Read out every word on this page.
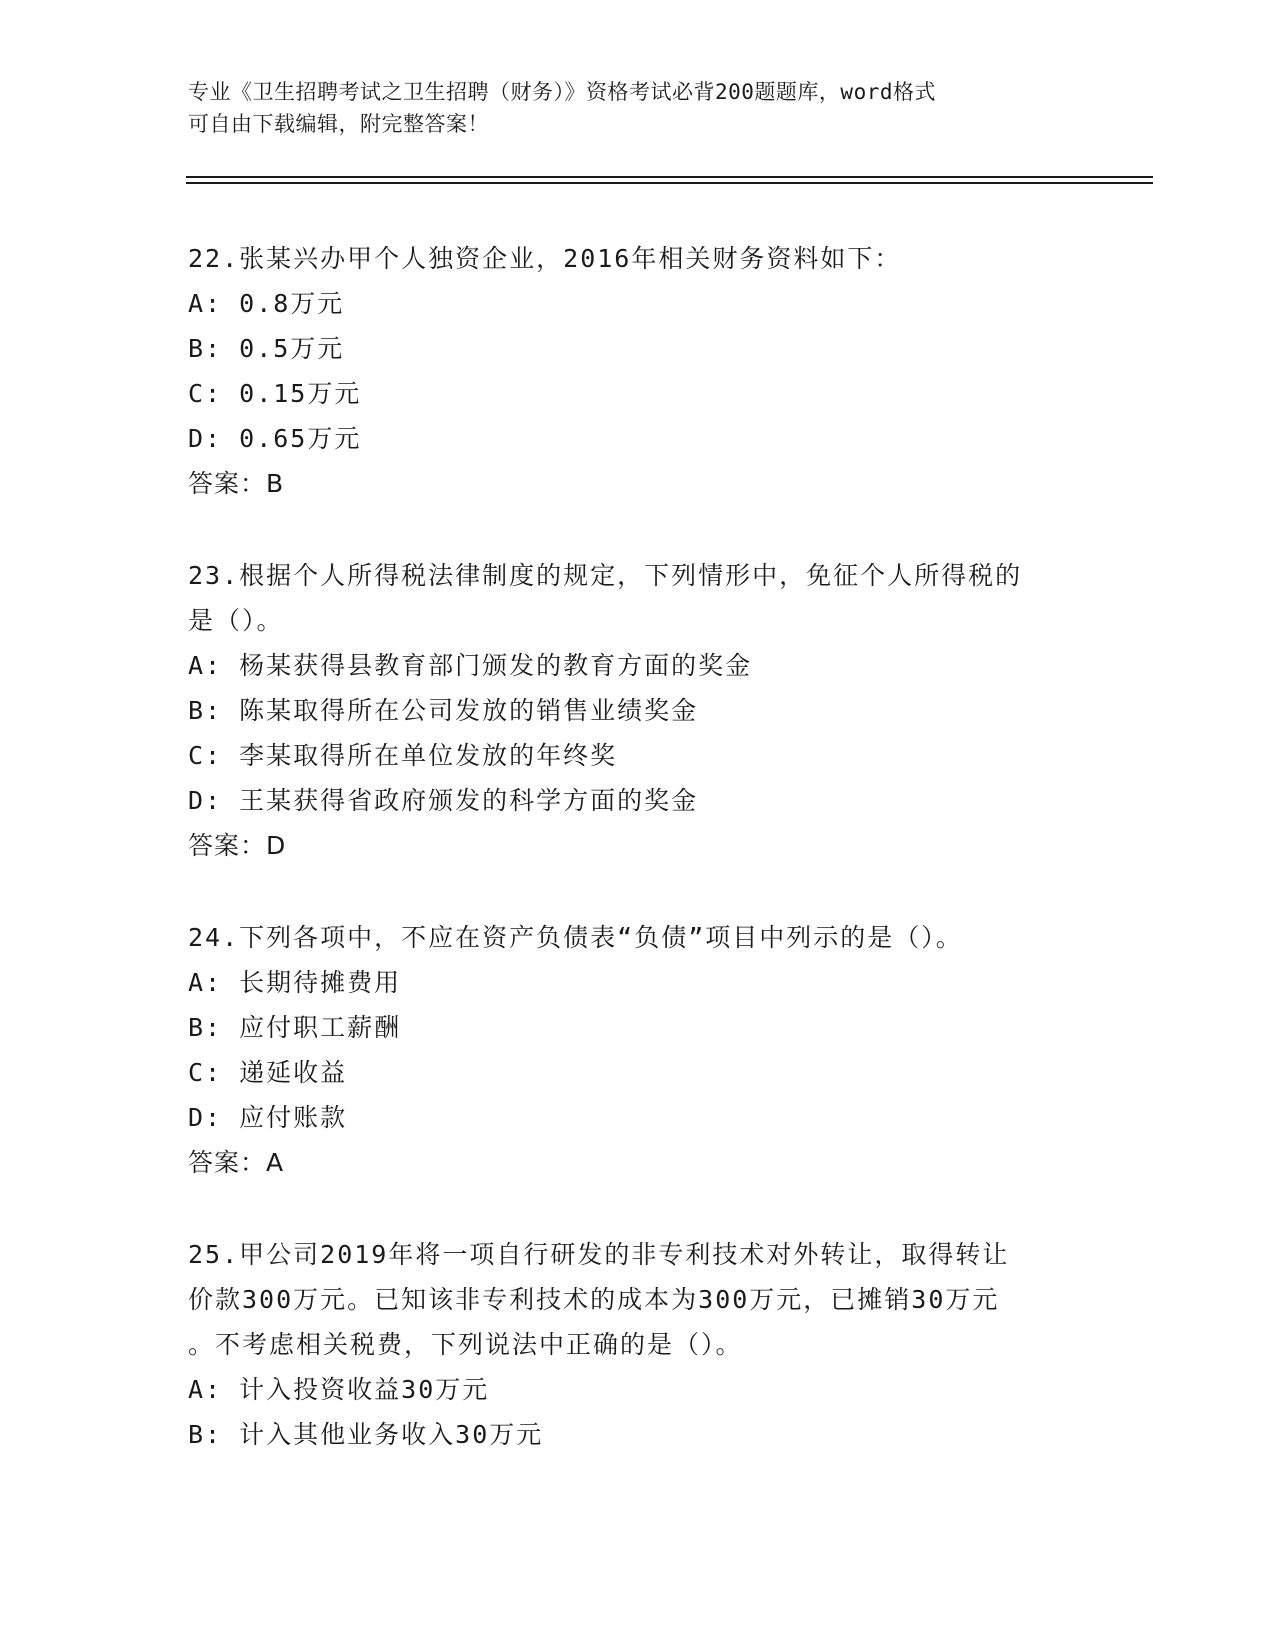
专业《卫生招聘考试之卫生招聘（财务）》资格考试必背200题题库，word格式
可自由下载编辑，附完整答案！
22.张某兴办甲个人独资企业，2016年相关财务资料如下：
A: 0.8万元
B: 0.5万元
C: 0.15万元
D: 0.65万元
答案：B
23.根据个人所得税法律制度的规定，下列情形中，免征个人所得税的
是（）。
A: 杨某获得县教育部门颁发的教育方面的奖金
B: 陈某取得所在公司发放的销售业绩奖金
C: 李某取得所在单位发放的年终奖
D: 王某获得省政府颁发的科学方面的奖金
答案：D
24.下列各项中，不应在资产负债表“负债”项目中列示的是（）。
A: 长期待摊费用
B: 应付职工薪酬
C: 递延收益
D: 应付账款
答案：A
25.甲公司2019年将一项自行研发的非专利技术对外转让，取得转让
价款300万元。已知该非专利技术的成本为300万元，已摊销30万元
。不考虑相关税费，下列说法中正确的是（）。
A: 计入投资收益30万元
B: 计入其他业务收入30万元
